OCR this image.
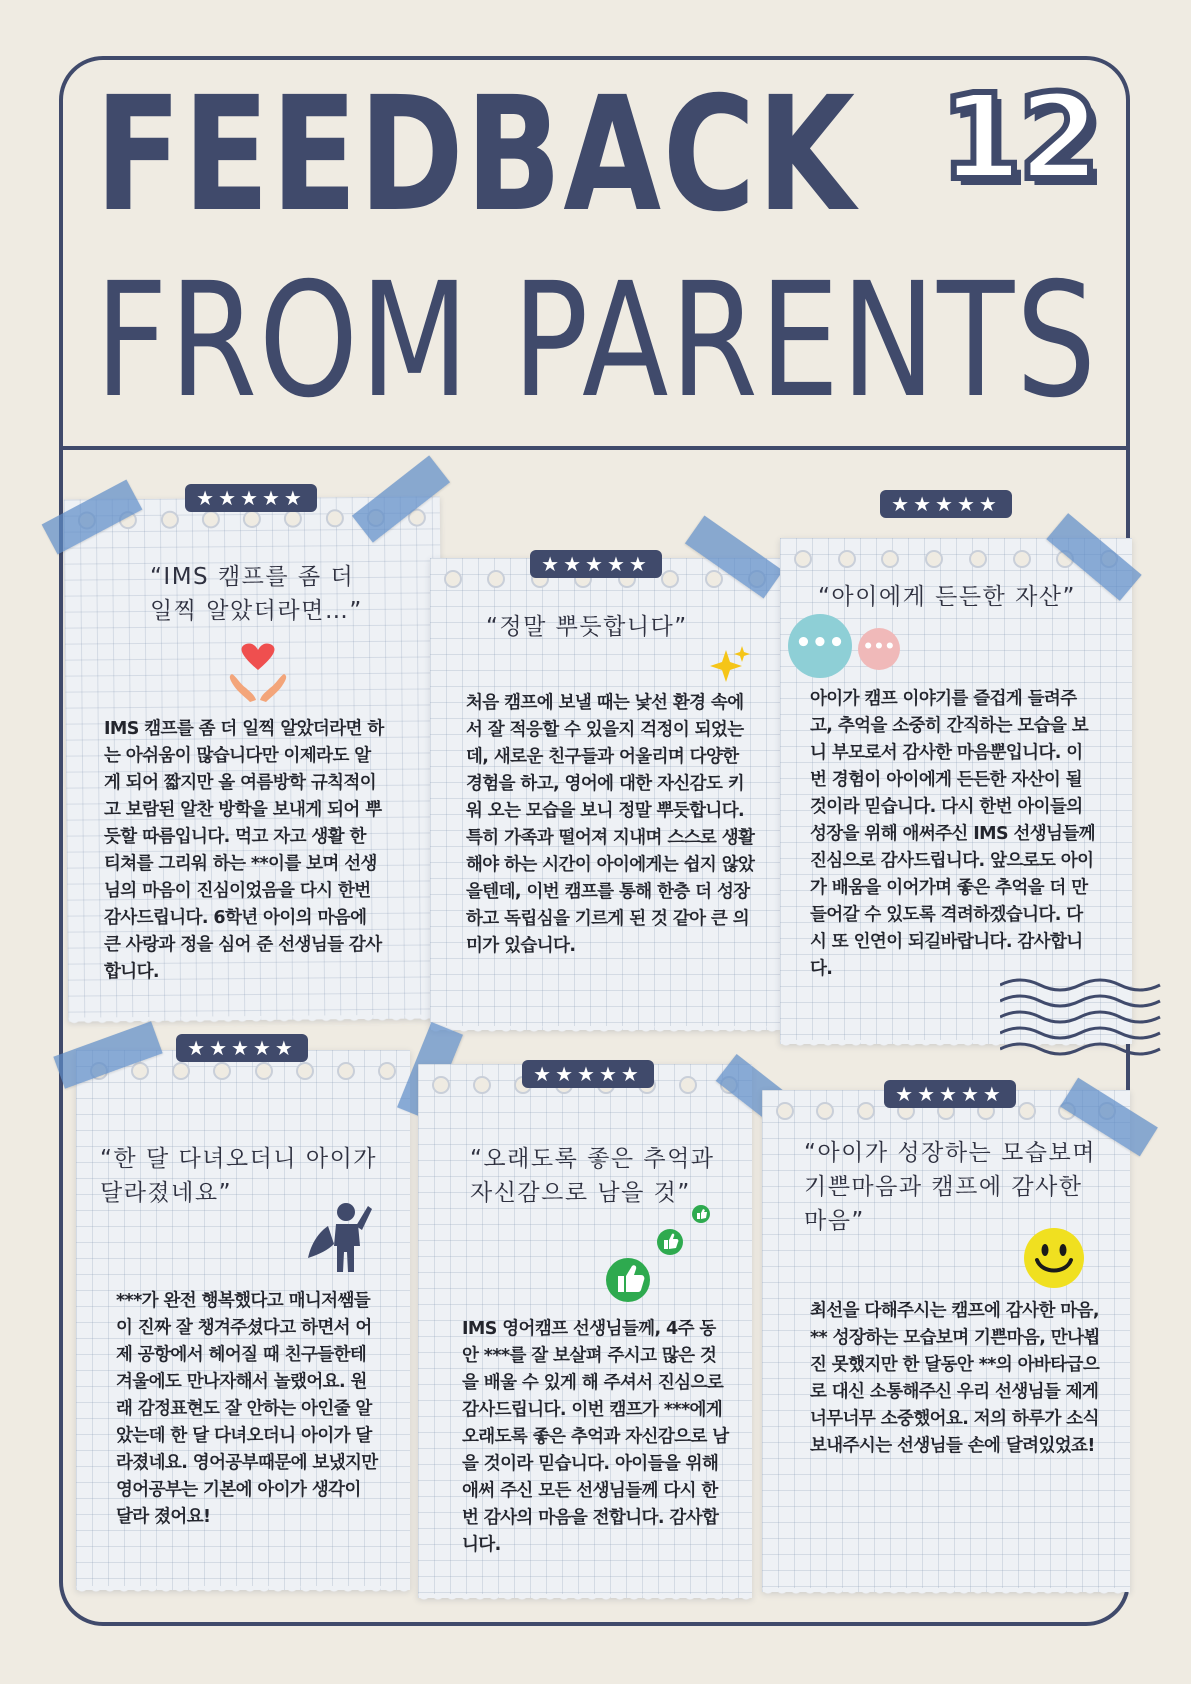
FEEDBACK
FROM PARENTS
12
★★★★★

“IMS 캠프를 좀 더
일찍 알았더라면…”

IMS 캠프를 좀 더 일찍 알았더라면 하는 아쉬움이 많습니다만 이제라도 알게 되어 짧지만 올 여름방학 규칙적이고 보람된 알찬 방학을 보내게 되어 뿌듯할 따름입니다. 먹고 자고 생활 한 티쳐를 그리워 하는 **이를 보며 선생님의 마음이 진심이었음을 다시 한번 감사드립니다. 6학년 아이의 마음에 큰 사랑과 정을 심어 준 선생님들 감사합니다.

★★★★★

“정말 뿌듯합니다”

처음 캠프에 보낼 때는 낯선 환경 속에서 잘 적응할 수 있을지 걱정이 되었는데, 새로운 친구들과 어울리며 다양한 경험을 하고, 영어에 대한 자신감도 키워 오는 모습을 보니 정말 뿌듯합니다. 특히 가족과 떨어져 지내며 스스로 생활해야 하는 시간이 아이에게는 쉽지 않았을텐데, 이번 캠프를 통해 한층 더 성장하고 독립심을 기르게 된 것 같아 큰 의미가 있습니다.

★★★★★

“아이에게 든든한 자산”

•••	•••

아이가 캠프 이야기를 즐겁게 들려주고, 추억을 소중히 간직하는 모습을 보니 부모로서 감사한 마음뿐입니다. 이번 경험이 아이에게 든든한 자산이 될 것이라 믿습니다. 다시 한번 아이들의 성장을 위해 애써주신 IMS 선생님들께 진심으로 감사드립니다. 앞으로도 아이가 배움을 이어가며 좋은 추억을 더 만들어갈 수 있도록 격려하겠습니다. 다시 또 인연이 되길바랍니다. 감사합니다.

★★★★★

“한 달 다녀오더니 아이가
달라졌네요”

***가 완전 행복했다고 매니저쌤들이 진짜 잘 챙겨주셨다고 하면서 어제 공항에서 헤어질 때 친구들한테 겨울에도 만나자해서 놀랬어요. 원래 감정표현도 잘 안하는 아인줄 알았는데 한 달 다녀오더니 아이가 달라졌네요. 영어공부때문에 보냈지만 영어공부는 기본에 아이가 생각이 달라 졌어요!

★★★★★

“오래도록 좋은 추억과
자신감으로 남을 것”

IMS 영어캠프 선생님들께, 4주 동안 ***를 잘 보살펴 주시고 많은 것을 배울 수 있게 해 주셔서 진심으로 감사드립니다. 이번 캠프가 ***에게 오래도록 좋은 추억과 자신감으로 남을 것이라 믿습니다. 아이들을 위해 애써 주신 모든 선생님들께 다시 한 번 감사의 마음을 전합니다. 감사합니다.

★★★★★

“아이가 성장하는 모습보며
기쁜마음과 캠프에 감사한
마음”

최선을 다해주시는 캠프에 감사한 마음, ** 성장하는 모습보며 기쁜마음, 만나뵙진 못했지만 한 달동안 **의 아바타급으로 대신 소통해주신 우리 선생님들 제게 너무너무 소중했어요. 저의 하루가 소식 보내주시는 선생님들 손에 달려있었죠!
